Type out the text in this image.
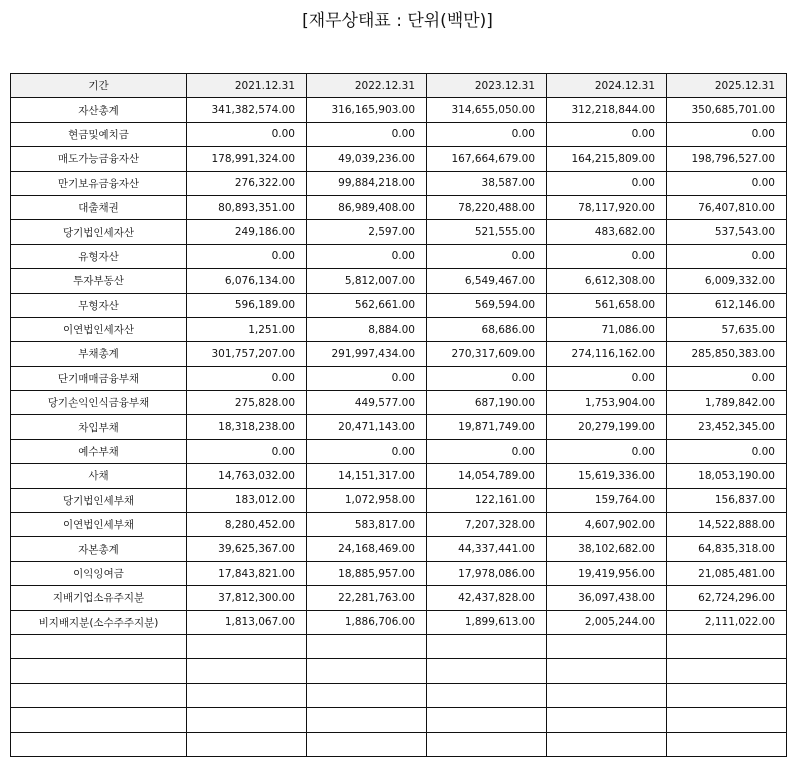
[재무상태표 : 단위(백만)]
기간	2021.12.31	2022.12.31	2023.12.31	2024.12.31	2025.12.31
자산총계	341,382,574.00	316,165,903.00	314,655,050.00	312,218,844.00	350,685,701.00
현금및예치금	0.00	0.00	0.00	0.00	0.00
매도가능금융자산	178,991,324.00	49,039,236.00	167,664,679.00	164,215,809.00	198,796,527.00
만기보유금융자산	276,322.00	99,884,218.00	38,587.00	0.00	0.00
대출채권	80,893,351.00	86,989,408.00	78,220,488.00	78,117,920.00	76,407,810.00
당기법인세자산	249,186.00	2,597.00	521,555.00	483,682.00	537,543.00
유형자산	0.00	0.00	0.00	0.00	0.00
투자부동산	6,076,134.00	5,812,007.00	6,549,467.00	6,612,308.00	6,009,332.00
무형자산	596,189.00	562,661.00	569,594.00	561,658.00	612,146.00
이연법인세자산	1,251.00	8,884.00	68,686.00	71,086.00	57,635.00
부채총계	301,757,207.00	291,997,434.00	270,317,609.00	274,116,162.00	285,850,383.00
단기매매금융부채	0.00	0.00	0.00	0.00	0.00
당기손익인식금융부채	275,828.00	449,577.00	687,190.00	1,753,904.00	1,789,842.00
차입부채	18,318,238.00	20,471,143.00	19,871,749.00	20,279,199.00	23,452,345.00
예수부채	0.00	0.00	0.00	0.00	0.00
사채	14,763,032.00	14,151,317.00	14,054,789.00	15,619,336.00	18,053,190.00
당기법인세부채	183,012.00	1,072,958.00	122,161.00	159,764.00	156,837.00
이연법인세부채	8,280,452.00	583,817.00	7,207,328.00	4,607,902.00	14,522,888.00
자본총계	39,625,367.00	24,168,469.00	44,337,441.00	38,102,682.00	64,835,318.00
이익잉여금	17,843,821.00	18,885,957.00	17,978,086.00	19,419,956.00	21,085,481.00
지배기업소유주지분	37,812,300.00	22,281,763.00	42,437,828.00	36,097,438.00	62,724,296.00
비지배지분(소수주주지분)	1,813,067.00	1,886,706.00	1,899,613.00	2,005,244.00	2,111,022.00
